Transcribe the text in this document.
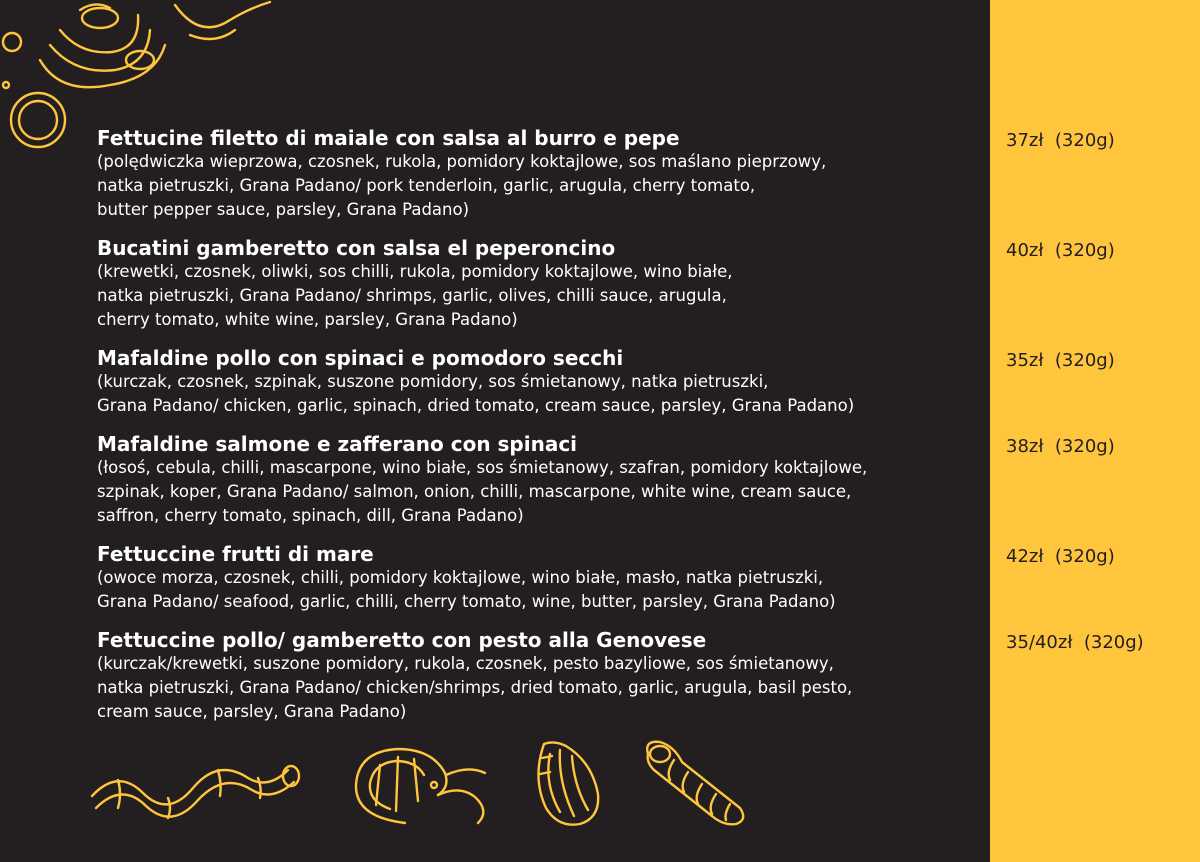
Fettucine filetto di maiale con salsa al burro e pepe
(polędwiczka wieprzowa, czosnek, rukola, pomidory koktajlowe, sos maślano pieprzowy,
natka pietruszki, Grana Padano/ pork tenderloin, garlic, arugula, cherry tomato,
butter pepper sauce, parsley, Grana Padano)
37zł  (320g)
Bucatini gamberetto con salsa el peperoncino
(krewetki, czosnek, oliwki, sos chilli, rukola, pomidory koktajlowe, wino białe,
natka pietruszki, Grana Padano/ shrimps, garlic, olives, chilli sauce, arugula,
cherry tomato, white wine, parsley, Grana Padano)
40zł  (320g)
Mafaldine pollo con spinaci e pomodoro secchi
(kurczak, czosnek, szpinak, suszone pomidory, sos śmietanowy, natka pietruszki,
Grana Padano/ chicken, garlic, spinach, dried tomato, cream sauce, parsley, Grana Padano)
35zł  (320g)
Mafaldine salmone e zafferano con spinaci
(łosoś, cebula, chilli, mascarpone, wino białe, sos śmietanowy, szafran, pomidory koktajlowe,
szpinak, koper, Grana Padano/ salmon, onion, chilli, mascarpone, white wine, cream sauce,
saffron, cherry tomato, spinach, dill, Grana Padano)
38zł  (320g)
Fettuccine frutti di mare
(owoce morza, czosnek, chilli, pomidory koktajlowe, wino białe, masło, natka pietruszki,
Grana Padano/ seafood, garlic, chilli, cherry tomato, wine, butter, parsley, Grana Padano)
42zł  (320g)
Fettuccine pollo/ gamberetto con pesto alla Genovese
(kurczak/krewetki, suszone pomidory, rukola, czosnek, pesto bazyliowe, sos śmietanowy,
natka pietruszki, Grana Padano/ chicken/shrimps, dried tomato, garlic, arugula, basil pesto,
cream sauce, parsley, Grana Padano)
35/40zł  (320g)
